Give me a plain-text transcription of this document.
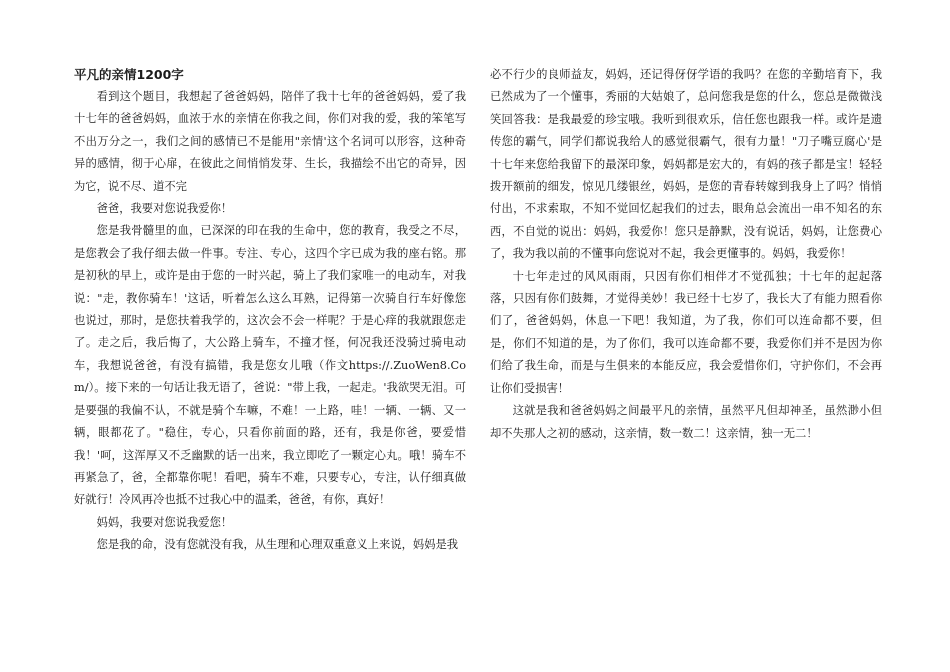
平凡的亲情1200字

看到这个题目，我想起了爸爸妈妈，陪伴了我十七年的爸爸妈妈，爱了我十七年的爸爸妈妈，血浓于水的亲情在你我之间，你们对我的爱，我的笨笔写不出万分之一，我们之间的感情已不是能用"亲情'这个名词可以形容，这种奇异的感情，彻于心扉，在彼此之间悄悄发芽、生长，我描绘不出它的奇异，因为它，说不尽、道不完

爸爸，我要对您说我爱你！

您是我骨髓里的血，已深深的印在我的生命中，您的教育，我受之不尽，是您教会了我仔细去做一件事。专注、专心，这四个字已成为我的座右铭。那是初秋的早上，或许是由于您的一时兴起，骑上了我们家唯一的电动车，对我说："走，教你骑车！'这话，听着怎么这么耳熟，记得第一次骑自行车好像您也说过，那时，是您扶着我学的，这次会不会一样呢？于是心痒的我就跟您走了。走之后，我后悔了，大公路上骑车，不撞才怪，何况我还没骑过骑电动车，我想说爸爸，有没有搞错，我是您女儿哦（作文https://.ZuoWen8.Com/）。接下来的一句话让我无语了，爸说："带上我，一起走。'我欲哭无泪。可是要强的我偏不认，不就是骑个车嘛，不难！一上路，哇！一辆、一辆、又一辆，眼都花了。"稳住，专心，只看你前面的路，还有，我是你爸，要爱惜我！'呵，这浑厚又不乏幽默的话一出来，我立即吃了一颗定心丸。哦！骑车不再紧急了，爸，全都靠你呢！看吧，骑车不难，只要专心，专注，认仔细真做好就行！冷风再冷也抵不过我心中的温柔，爸爸，有你，真好！

妈妈，我要对您说我爱您！

您是我的命，没有您就没有我，从生理和心理双重意义上来说，妈妈是我

必不行少的良师益友，妈妈，还记得伢伢学语的我吗？在您的辛勤培育下，我已然成为了一个懂事，秀丽的大姑娘了，总问您我是您的什么，您总是微微浅笑回答我：是我最爱的珍宝哦。我听到很欢乐，信任您也跟我一样。或许是遗传您的霸气，同学们都说我给人的感觉很霸气，很有力量！"刀子嘴豆腐心'是十七年来您给我留下的最深印象，妈妈都是宏大的，有妈的孩子都是宝！轻轻拨开额前的细发，惊见几缕银丝，妈妈，是您的青春转嫁到我身上了吗？悄悄付出，不求索取，不知不觉回忆起我们的过去，眼角总会流出一串不知名的东西，不自觉的说出：妈妈，我爱你！您只是静默，没有说话，妈妈，让您费心了，我为我以前的不懂事向您说对不起，我会更懂事的。妈妈，我爱你！

十七年走过的风风雨雨，只因有你们相伴才不觉孤独；十七年的起起落落，只因有你们鼓舞，才觉得美妙！我已经十七岁了，我长大了有能力照看你们了，爸爸妈妈，休息一下吧！我知道，为了我，你们可以连命都不要，但是，你们不知道的是，为了你们，我可以连命都不要，我爱你们并不是因为你们给了我生命，而是与生俱来的本能反应，我会爱惜你们，守护你们，不会再让你们受损害！

这就是我和爸爸妈妈之间最平凡的亲情，虽然平凡但却神圣，虽然渺小但却不失那人之初的感动，这亲情，数一数二！这亲情，独一无二！
